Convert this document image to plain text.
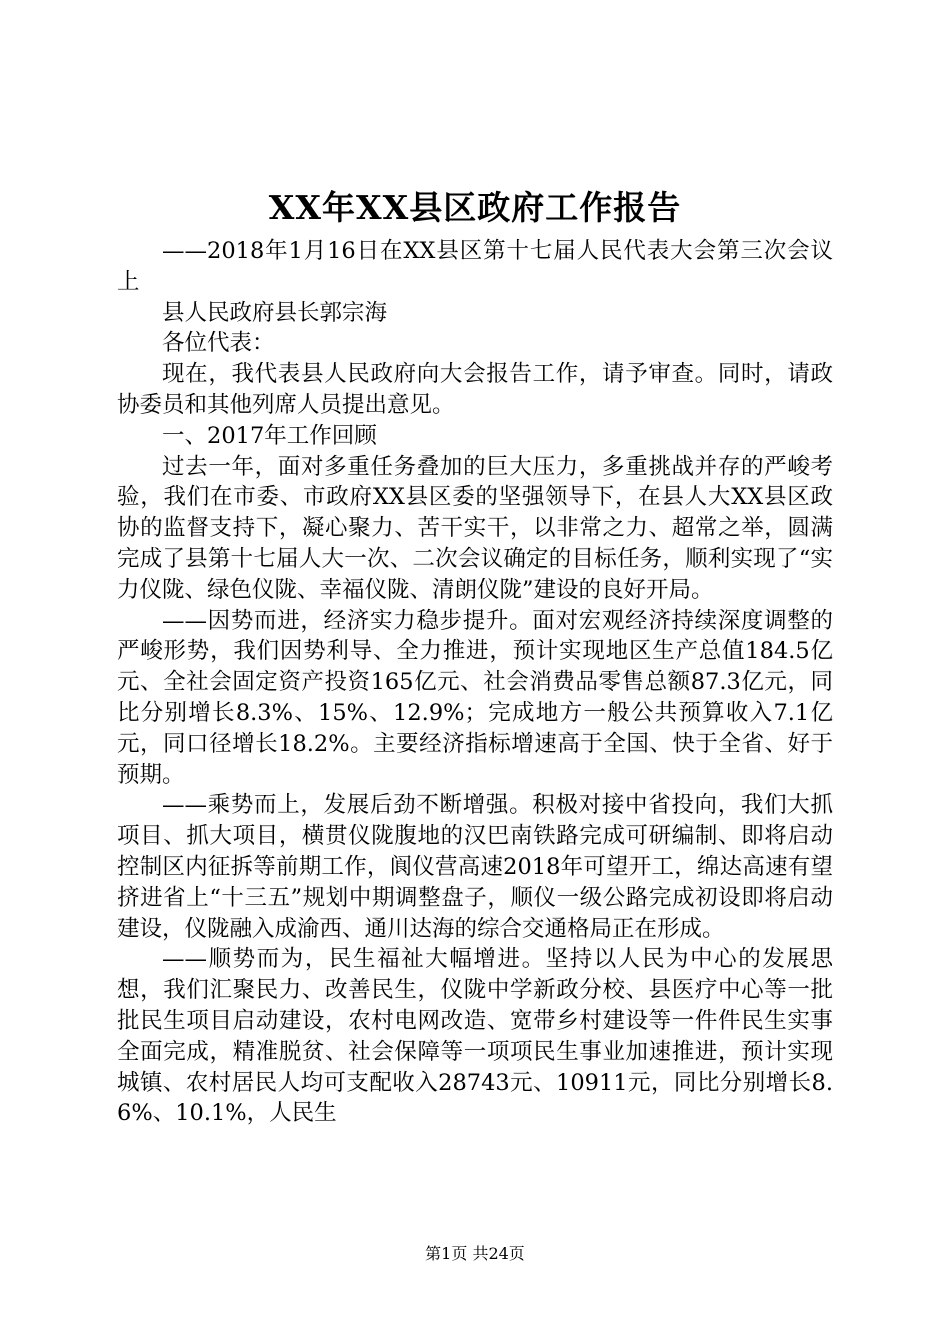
XX年XX县区政府工作报告

——2018年1月16日在XX县区第十七届人民代表大会第三次会议上

县人民政府县长郭宗海

各位代表：

现在，我代表县人民政府向大会报告工作，请予审查。同时，请政协委员和其他列席人员提出意见。

一、2017年工作回顾

过去一年，面对多重任务叠加的巨大压力，多重挑战并存的严峻考验，我们在市委、市政府XX县区委的坚强领导下，在县人大XX县区政协的监督支持下，凝心聚力、苦干实干，以非常之力、超常之举，圆满完成了县第十七届人大一次、二次会议确定的目标任务，顺利实现了“实力仪陇、绿色仪陇、幸福仪陇、清朗仪陇”建设的良好开局。

——因势而进，经济实力稳步提升。面对宏观经济持续深度调整的严峻形势，我们因势利导、全力推进，预计实现地区生产总值184.5亿元、全社会固定资产投资165亿元、社会消费品零售总额87.3亿元，同比分别增长8.3%、15%、12.9%；完成地方一般公共预算收入7.1亿元，同口径增长18.2%。主要经济指标增速高于全国、快于全省、好于预期。

——乘势而上，发展后劲不断增强。积极对接中省投向，我们大抓项目、抓大项目，横贯仪陇腹地的汉巴南铁路完成可研编制、即将启动控制区内征拆等前期工作，阆仪营高速2018年可望开工，绵达高速有望挤进省上“十三五”规划中期调整盘子，顺仪一级公路完成初设即将启动建设，仪陇融入成渝西、通川达海的综合交通格局正在形成。

——顺势而为，民生福祉大幅增进。坚持以人民为中心的发展思想，我们汇聚民力、改善民生，仪陇中学新政分校、县医疗中心等一批批民生项目启动建设，农村电网改造、宽带乡村建设等一件件民生实事全面完成，精准脱贫、社会保障等一项项民生事业加速推进，预计实现城镇、农村居民人均可支配收入28743元、10911元，同比分别增长8.6%、10.1%，人民生

第1页 共24页
